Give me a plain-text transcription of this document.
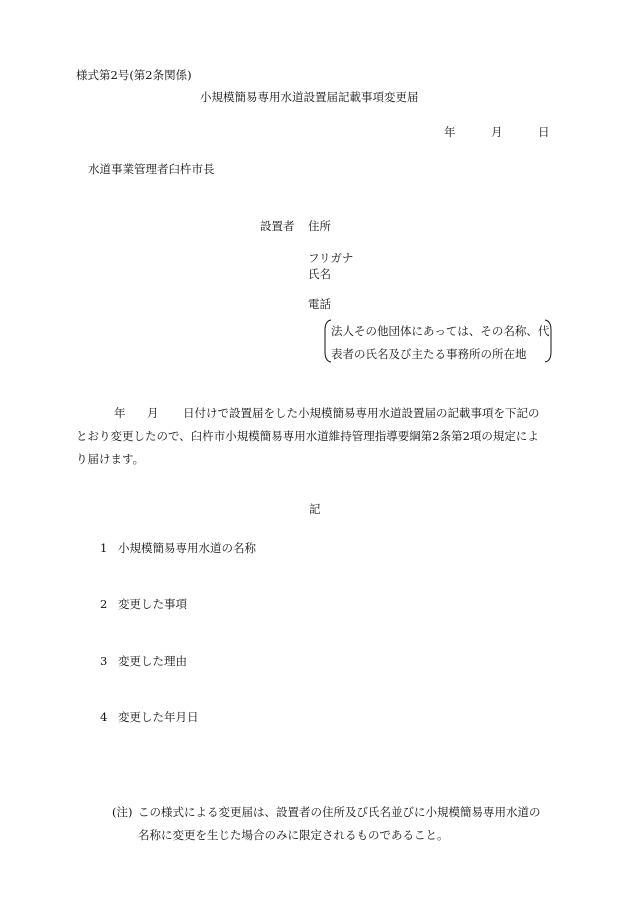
様式第2号(第2条関係)
小規模簡易専用水道設置届記載事項変更届
年	月	日
水道事業管理者臼杵市長
設置者 住所
フリガナ
氏名
電話
法人その他団体にあっては、その名称、代
表者の氏名及び主たる事務所の所在地
年 月 日付けで設置届をした小規模簡易専用水道設置届の記載事項を下記の
とおり変更したので、臼杵市小規模簡易専用水道維持管理指導要綱第2条第2項の規定によ
り届けます。
記
1 小規模簡易専用水道の名称
2 変更した事項
3 変更した理由
4 変更した年月日
(注) この様式による変更届は、設置者の住所及び氏名並びに小規模簡易専用水道の
名称に変更を生じた場合のみに限定されるものであること。
